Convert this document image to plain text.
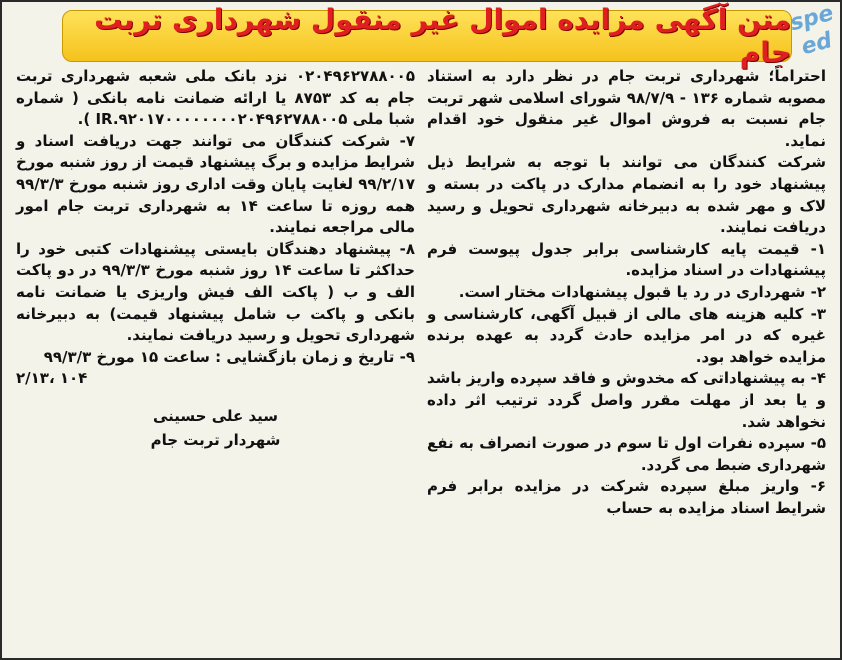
متن آگهی مزایده اموال غیر منقول شهرداری تربت جام
spe
ed

احتراماً؛ شهرداری تربت جام در نظر دارد به استناد مصوبه شماره ۱۳۶ - ۹۸/۷/۹ شورای اسلامی شهر تربت جام نسبت به فروش اموال غیر منقول خود اقدام نماید.

شرکت کنندگان می توانند با توجه به شرایط ذیل پیشنهاد خود را به انضمام مدارک در پاکت در بسته و لاک و مهر شده به دبیرخانه شهرداری تحویل و رسید دریافت نمایند.

۱- قیمت پایه کارشناسی برابر جدول پیوست فرم پیشنهادات در اسناد مزایده.

۲- شهرداری در رد یا قبول پیشنهادات مختار است.

۳- کلیه هزینه های مالی از قبیل آگهی، کارشناسی و غیره که در امر مزایده حادث گردد به عهده برنده مزایده خواهد بود.

۴- به پیشنهاداتی که مخدوش و فاقد سپرده واریز باشد و یا بعد از مهلت مقرر واصل گردد ترتیب اثر داده نخواهد شد.

۵- سپرده نفرات اول تا سوم در صورت انصراف به نفع شهرداری ضبط می گردد.

۶- واریز مبلغ سپرده شرکت در مزایده برابر فرم شرایط اسناد مزایده به حساب

۰۲۰۴۹۶۲۷۸۸۰۰۵ نزد بانک ملی شعبه شهرداری تربت جام به کد ۸۷۵۳ یا ارائه ضمانت نامه بانکی ( شماره شبا ملی IR.۹۲۰۱۷۰۰۰۰۰۰۰۰۲۰۴۹۶۲۷۸۸۰۰۵ ).

۷- شرکت کنندگان می توانند جهت دریافت اسناد و شرایط مزایده و برگ پیشنهاد قیمت از روز شنبه مورخ ۹۹/۲/۱۷ لغایت پایان وقت اداری روز شنبه مورخ ۹۹/۳/۳ همه روزه تا ساعت ۱۴ به شهرداری تربت جام امور مالی مراجعه نمایند.

۸- پیشنهاد دهندگان بایستی پیشنهادات کتبی خود را حداکثر تا ساعت ۱۴ روز شنبه مورخ ۹۹/۳/۳ در دو پاکت الف و ب ( پاکت الف فیش واریزی یا ضمانت نامه بانکی و پاکت ب شامل پیشنهاد قیمت) به دبیرخانه شهرداری تحویل و رسید دریافت نمایند.

۹- تاریخ و زمان بازگشایی : ساعت ۱۵ مورخ ۹۹/۳/۳

۲/۱۳، ۱۰۴

سید علی حسینی
شهردار تربت جام
